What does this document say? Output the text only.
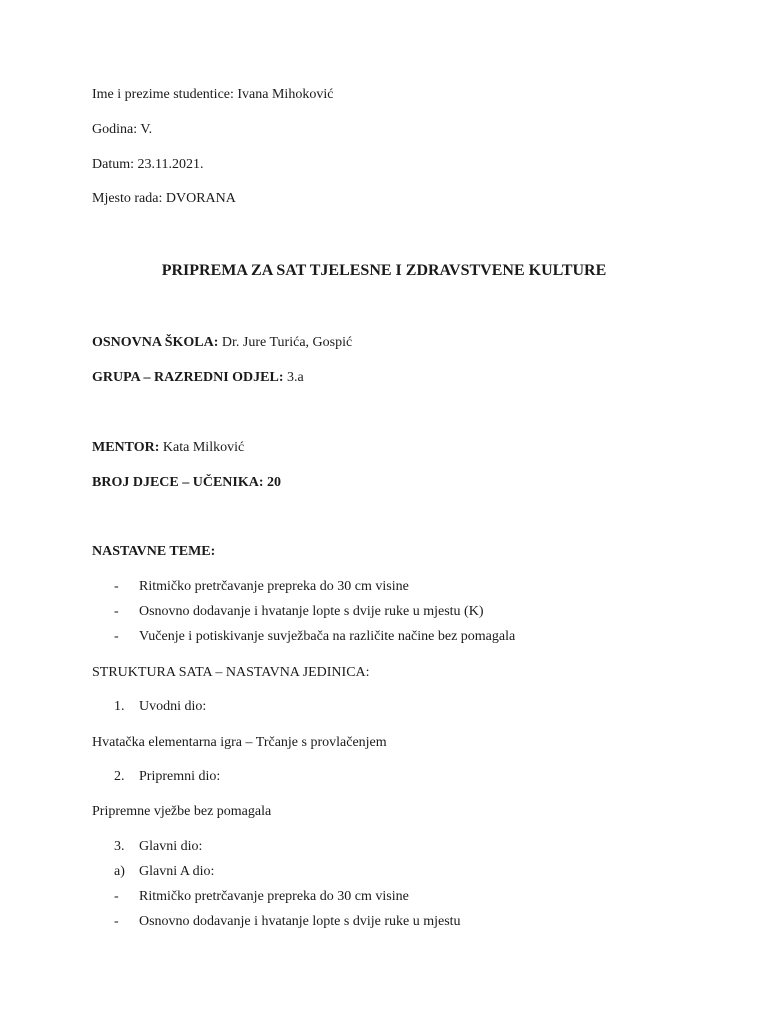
Ime i prezime studentice: Ivana Mihoković
Godina: V.
Datum: 23.11.2021.
Mjesto rada: DVORANA
PRIPREMA ZA SAT TJELESNE I ZDRAVSTVENE KULTURE
OSNOVNA ŠKOLA: Dr. Jure Turića, Gospić
GRUPA – RAZREDNI ODJEL: 3.a
MENTOR: Kata Milković
BROJ DJECE – UČENIKA: 20
NASTAVNE TEME:
- Ritmičko pretrčavanje prepreka do 30 cm visine
- Osnovno dodavanje i hvatanje lopte s dvije ruke u mjestu (K)
- Vučenje i potiskivanje suvježbača na različite načine bez pomagala
STRUKTURA SATA – NASTAVNA JEDINICA:
1. Uvodni dio:
Hvatačka elementarna igra – Trčanje s provlačenjem
2. Pripremni dio:
Pripremne vježbe bez pomagala
3. Glavni dio:
a) Glavni A dio:
- Ritmičko pretrčavanje prepreka do 30 cm visine
- Osnovno dodavanje i hvatanje lopte s dvije ruke u mjestu
